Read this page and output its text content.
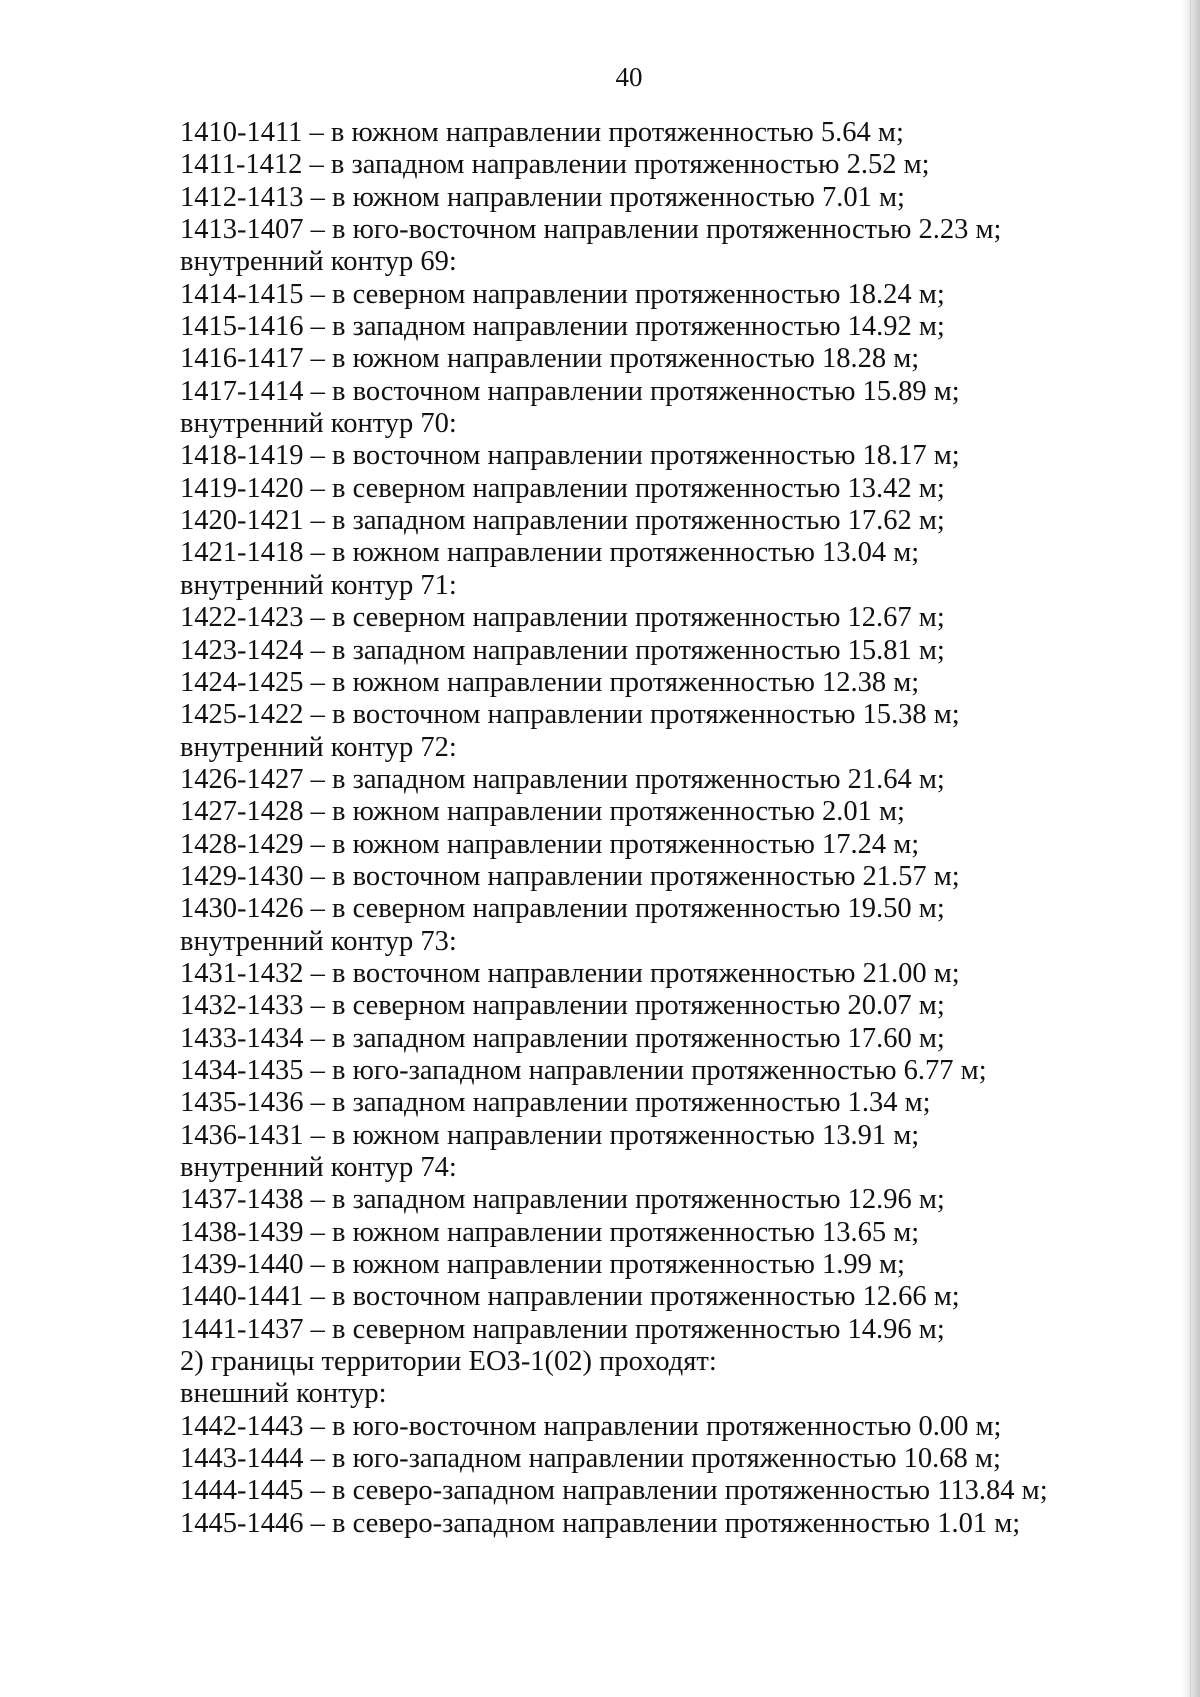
40
1410-1411 – в южном направлении протяженностью 5.64 м;
1411-1412 – в западном направлении протяженностью 2.52 м;
1412-1413 – в южном направлении протяженностью 7.01 м;
1413-1407 – в юго-восточном направлении протяженностью 2.23 м;
внутренний контур 69:
1414-1415 – в северном направлении протяженностью 18.24 м;
1415-1416 – в западном направлении протяженностью 14.92 м;
1416-1417 – в южном направлении протяженностью 18.28 м;
1417-1414 – в восточном направлении протяженностью 15.89 м;
внутренний контур 70:
1418-1419 – в восточном направлении протяженностью 18.17 м;
1419-1420 – в северном направлении протяженностью 13.42 м;
1420-1421 – в западном направлении протяженностью 17.62 м;
1421-1418 – в южном направлении протяженностью 13.04 м;
внутренний контур 71:
1422-1423 – в северном направлении протяженностью 12.67 м;
1423-1424 – в западном направлении протяженностью 15.81 м;
1424-1425 – в южном направлении протяженностью 12.38 м;
1425-1422 – в восточном направлении протяженностью 15.38 м;
внутренний контур 72:
1426-1427 – в западном направлении протяженностью 21.64 м;
1427-1428 – в южном направлении протяженностью 2.01 м;
1428-1429 – в южном направлении протяженностью 17.24 м;
1429-1430 – в восточном направлении протяженностью 21.57 м;
1430-1426 – в северном направлении протяженностью 19.50 м;
внутренний контур 73:
1431-1432 – в восточном направлении протяженностью 21.00 м;
1432-1433 – в северном направлении протяженностью 20.07 м;
1433-1434 – в западном направлении протяженностью 17.60 м;
1434-1435 – в юго-западном направлении протяженностью 6.77 м;
1435-1436 – в западном направлении протяженностью 1.34 м;
1436-1431 – в южном направлении протяженностью 13.91 м;
внутренний контур 74:
1437-1438 – в западном направлении протяженностью 12.96 м;
1438-1439 – в южном направлении протяженностью 13.65 м;
1439-1440 – в южном направлении протяженностью 1.99 м;
1440-1441 – в восточном направлении протяженностью 12.66 м;
1441-1437 – в северном направлении протяженностью 14.96 м;
2) границы территории ЕОЗ-1(02) проходят:
внешний контур:
1442-1443 – в юго-восточном направлении протяженностью 0.00 м;
1443-1444 – в юго-западном направлении протяженностью 10.68 м;
1444-1445 – в северо-западном направлении протяженностью 113.84 м;
1445-1446 – в северо-западном направлении протяженностью 1.01 м;
